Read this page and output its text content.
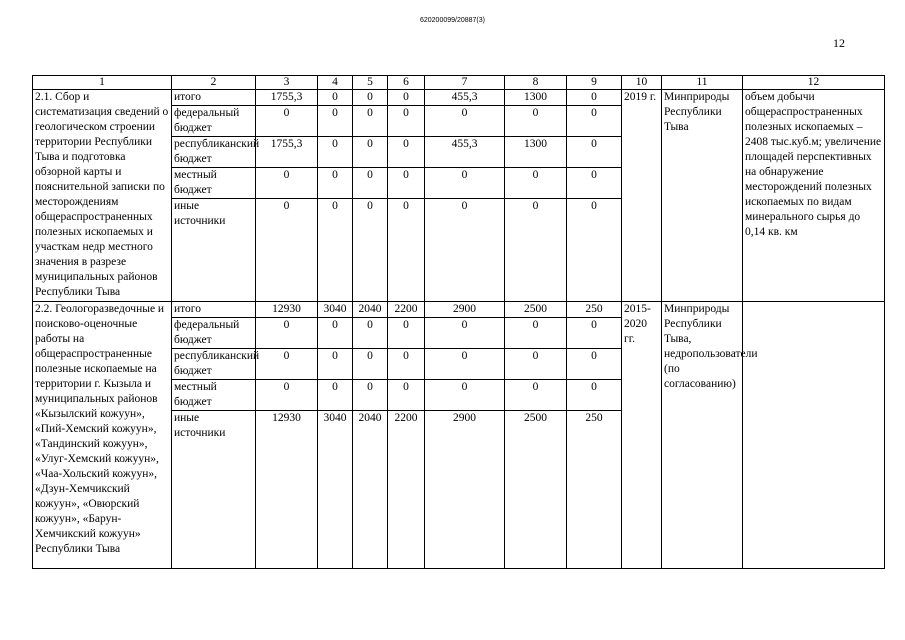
620200099/20887(3)
12
1	2	3	4	5	6	7	8	9	10	11	12
2.1. Сбор и систематизация сведений о геологическом строении территории Республики Тыва и подготовка обзорной карты и пояснительной записки по месторождениям общераспространенных полезных ископаемых и участкам недр местного значения в разрезе муниципальных районов Республики Тыва	итого	1755,3	0	0	0	455,3	1300	0	2019 г.	Минприроды Республики Тыва	объем добычи общераспространенных полезных ископаемых – 2408 тыс.куб.м; увеличение площадей перспективных на обнаружение месторождений полезных ископаемых по видам минерального сырья до 0,14 кв. км
	федеральный бюджет	0	0	0	0	0	0	0			
	республиканский бюджет	1755,3	0	0	0	455,3	1300	0			
	местный бюджет	0	0	0	0	0	0	0			
	иные источники	0	0	0	0	0	0	0			
2.2. Геологоразведочные и поисково-оценочные работы на общераспространенные полезные ископаемые на территории г. Кызыла и муниципальных районов «Кызылский кожуун», «Пий-Хемский кожуун», «Тандинский кожуун», «Улуг-Хемский кожуун», «Чаа-Хольский кожуун», «Дзун-Хемчикский кожуун», «Овюрский кожуун», «Барун-Хемчикский кожуун» Республики Тыва	итого	12930	3040	2040	2200	2900	2500	250	2015-2020 гг.	Минприроды Республики Тыва, недропользователи (по согласованию)	
	федеральный бюджет	0	0	0	0	0	0	0			
	республиканский бюджет	0	0	0	0	0	0	0			
	местный бюджет	0	0	0	0	0	0	0			
	иные источники	12930	3040	2040	2200	2900	2500	250			
